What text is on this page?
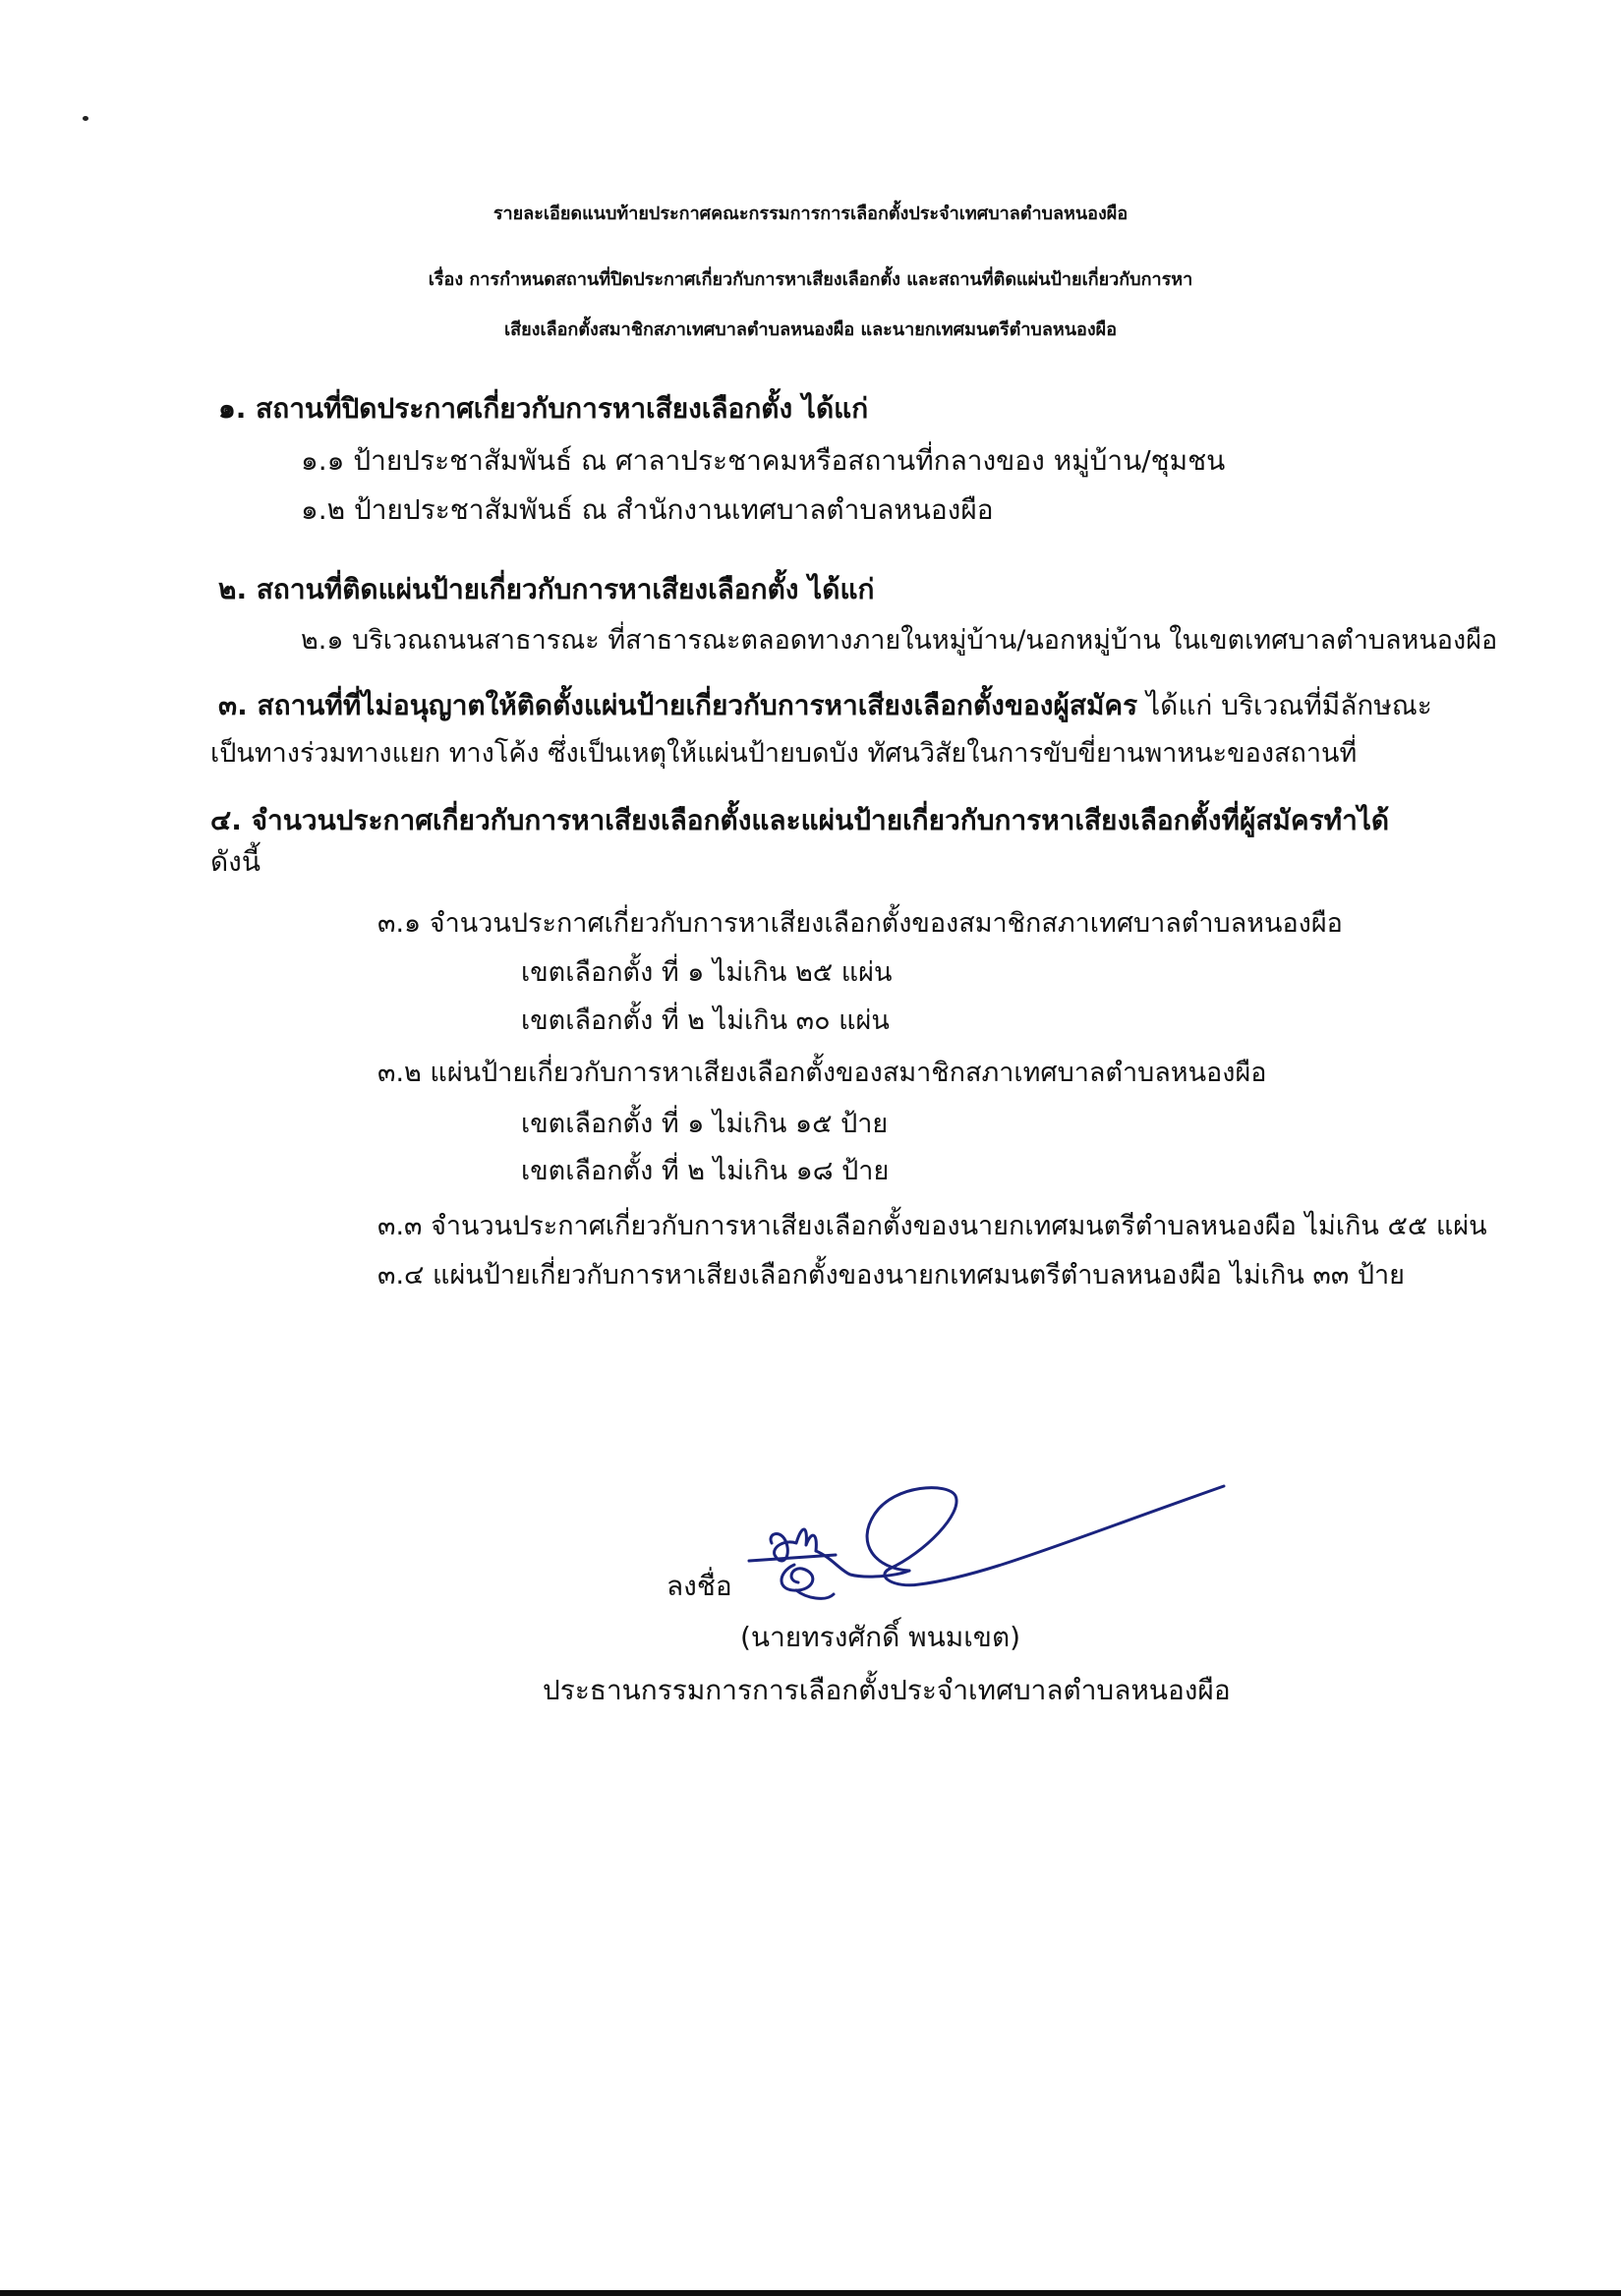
รายละเอียดแนบท้ายประกาศคณะกรรมการการเลือกตั้งประจำเทศบาลตำบลหนองผือ
เรื่อง การกำหนดสถานที่ปิดประกาศเกี่ยวกับการหาเสียงเลือกตั้ง และสถานที่ติดแผ่นป้ายเกี่ยวกับการหา
เสียงเลือกตั้งสมาชิกสภาเทศบาลตำบลหนองผือ และนายกเทศมนตรีตำบลหนองผือ
๑. สถานที่ปิดประกาศเกี่ยวกับการหาเสียงเลือกตั้ง ได้แก่
๑.๑ ป้ายประชาสัมพันธ์ ณ ศาลาประชาคมหรือสถานที่กลางของ หมู่บ้าน/ชุมชน
๑.๒ ป้ายประชาสัมพันธ์ ณ สำนักงานเทศบาลตำบลหนองผือ
๒. สถานที่ติดแผ่นป้ายเกี่ยวกับการหาเสียงเลือกตั้ง ได้แก่
๒.๑ บริเวณถนนสาธารณะ ที่สาธารณะตลอดทางภายในหมู่บ้าน/นอกหมู่บ้าน ในเขตเทศบาลตำบลหนองผือ
๓. สถานที่ที่ไม่อนุญาตให้ติดตั้งแผ่นป้ายเกี่ยวกับการหาเสียงเลือกตั้งของผู้สมัคร ได้แก่ บริเวณที่มีลักษณะ
เป็นทางร่วมทางแยก ทางโค้ง ซึ่งเป็นเหตุให้แผ่นป้ายบดบัง ทัศนวิสัยในการขับขี่ยานพาหนะของสถานที่
๔. จำนวนประกาศเกี่ยวกับการหาเสียงเลือกตั้งและแผ่นป้ายเกี่ยวกับการหาเสียงเลือกตั้งที่ผู้สมัครทำได้
ดังนี้
๓.๑ จำนวนประกาศเกี่ยวกับการหาเสียงเลือกตั้งของสมาชิกสภาเทศบาลตำบลหนองผือ
เขตเลือกตั้ง ที่ ๑ ไม่เกิน ๒๕ แผ่น
เขตเลือกตั้ง ที่ ๒ ไม่เกิน ๓๐ แผ่น
๓.๒ แผ่นป้ายเกี่ยวกับการหาเสียงเลือกตั้งของสมาชิกสภาเทศบาลตำบลหนองผือ
เขตเลือกตั้ง ที่ ๑ ไม่เกิน ๑๕ ป้าย
เขตเลือกตั้ง ที่ ๒ ไม่เกิน ๑๘ ป้าย
๓.๓ จำนวนประกาศเกี่ยวกับการหาเสียงเลือกตั้งของนายกเทศมนตรีตำบลหนองผือ ไม่เกิน ๕๕ แผ่น
๓.๔ แผ่นป้ายเกี่ยวกับการหาเสียงเลือกตั้งของนายกเทศมนตรีตำบลหนองผือ ไม่เกิน ๓๓ ป้าย
ลงชื่อ
(นายทรงศักดิ์ พนมเขต)
ประธานกรรมการการเลือกตั้งประจำเทศบาลตำบลหนองผือ
